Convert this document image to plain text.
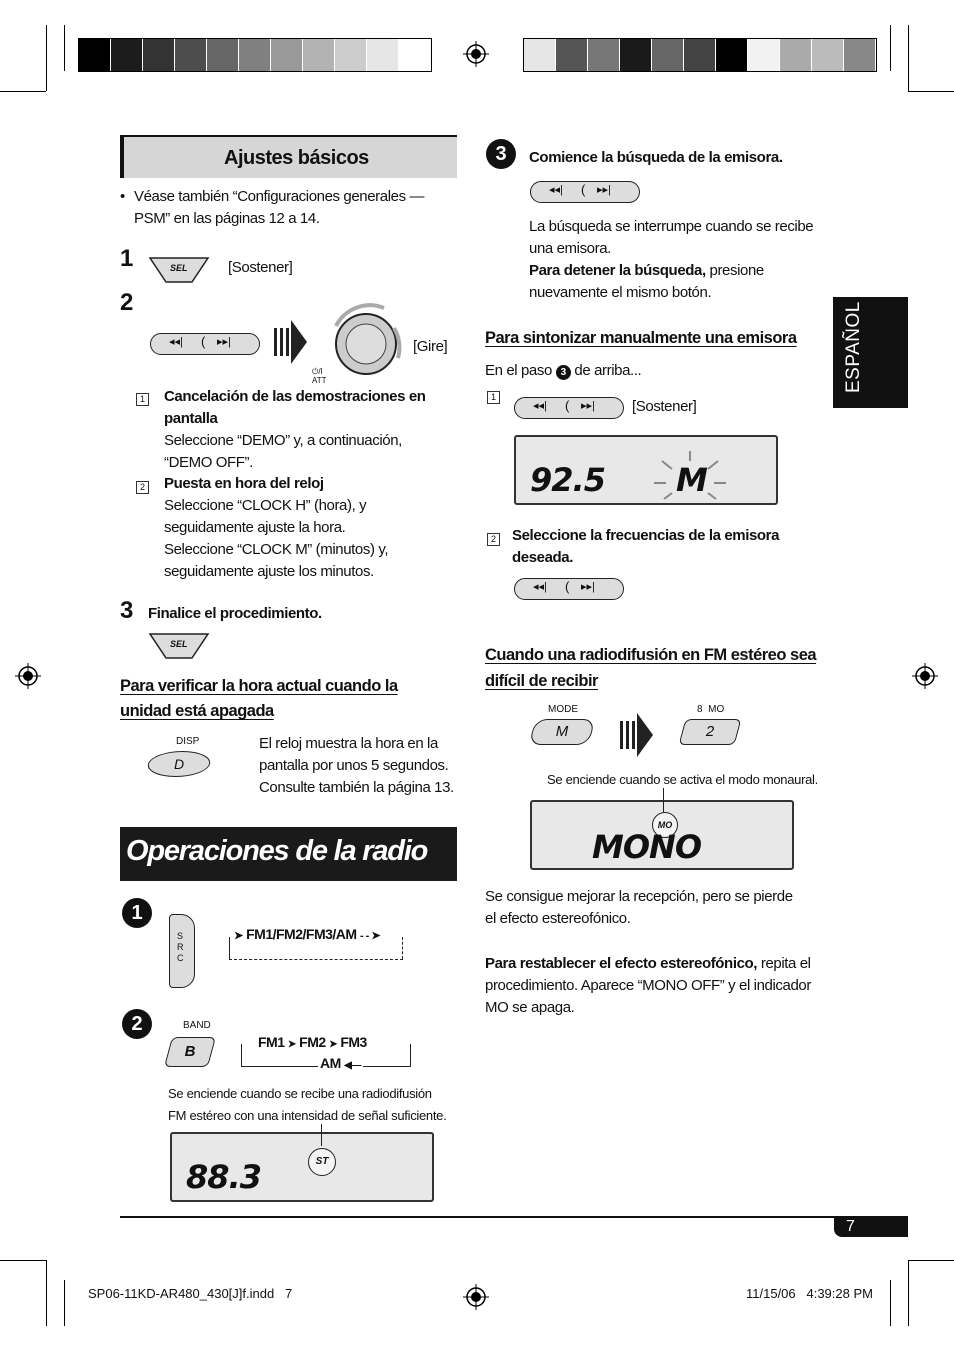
Ajustes básicos
• Véase también “Configuraciones generales — PSM” en las páginas 12 a 14.
1	SEL	[Sostener]
2
◂◂| ( ▸▸|
⏻/I ATT
[Gire]
1 Cancelación de las demostraciones en pantalla
Seleccione “DEMO” y, a continuación, “DEMO OFF”.
2 Puesta en hora del reloj
Seleccione “CLOCK H” (hora), y seguidamente ajuste la hora.
Seleccione “CLOCK M” (minutos) y, seguidamente ajuste los minutos.
3 Finalice el procedimiento.
SEL
Para verificar la hora actual cuando la unidad está apagada
DISP
D
El reloj muestra la hora en la pantalla por unos 5 segundos. Consulte también la página 13.
Operaciones de la radio
1
S R C
➤ FM1/FM2/FM3/AM - - ➤
2	BAND
B
FM1 ➤ FM2 ➤ FM3
AM ◀—
Se enciende cuando se recibe una radiodifusión FM estéreo con una intensidad de señal suficiente.
88.3	ST
3	Comience la búsqueda de la emisora.
◂◂| ( ▸▸|
La búsqueda se interrumpe cuando se recibe una emisora.
Para detener la búsqueda, presione nuevamente el mismo botón.
Para sintonizar manualmente una emisora
En el paso 3 de arriba...
1
◂◂| ( ▸▸| [Sostener]
92.5 M
2 Seleccione la frecuencias de la emisora deseada.
◂◂| ( ▸▸|
Cuando una radiodifusión en FM estéreo sea difícil de recibir
MODE
M
8  MO
2
Se enciende cuando se activa el modo monaural.
MO
MONO
Se consigue mejorar la recepción, pero se pierde el efecto estereofónico.
Para restablecer el efecto estereofónico, repita el procedimiento. Aparece “MONO OFF” y el indicador MO se apaga.
ESPAÑOL
7
SP06-11KD-AR480_430[J]f.indd   7	11/15/06   4:39:28 PM
